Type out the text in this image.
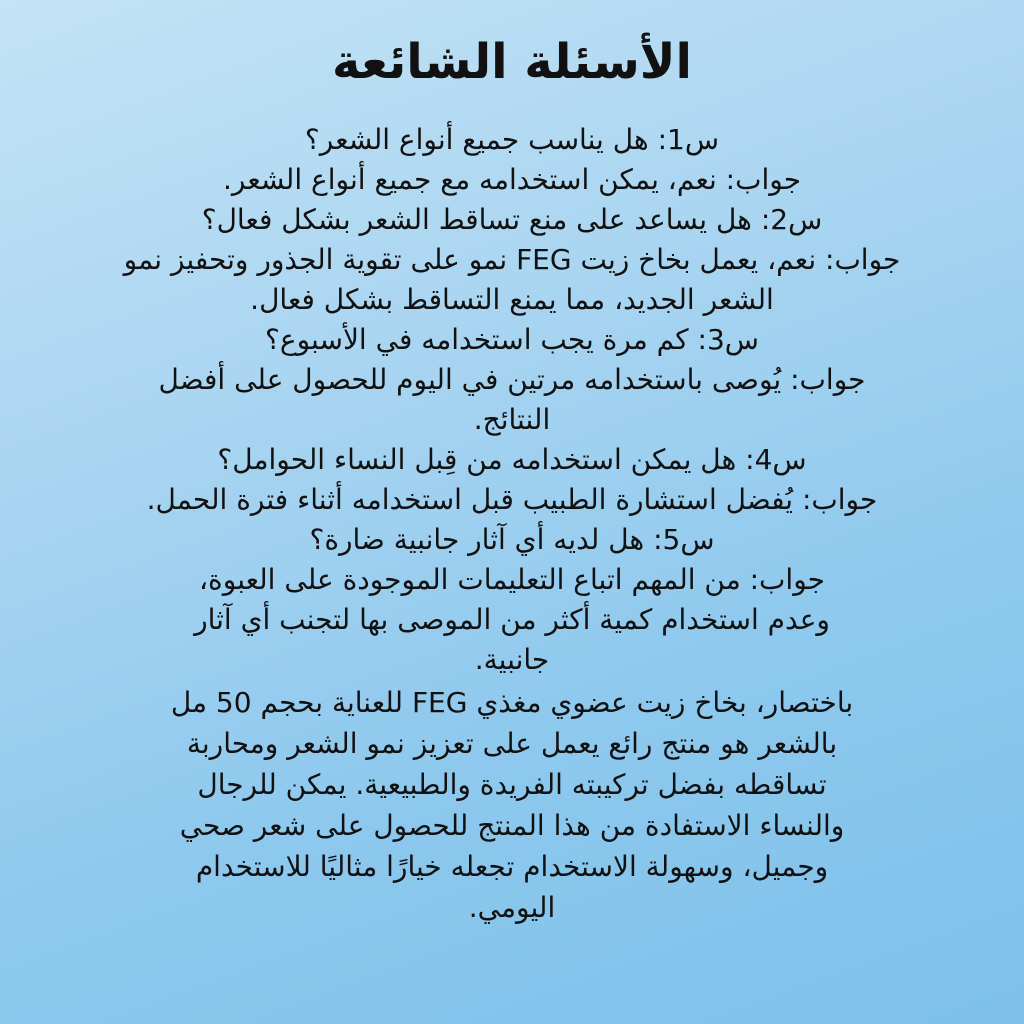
الأسئلة الشائعة
س1: هل يناسب جميع أنواع الشعر؟
جواب: نعم، يمكن استخدامه مع جميع أنواع الشعر.
س2: هل يساعد على منع تساقط الشعر بشكل فعال؟
جواب: نعم، يعمل بخاخ زيت FEG نمو على تقوية الجذور وتحفيز نمو
الشعر الجديد، مما يمنع التساقط بشكل فعال.
س3: كم مرة يجب استخدامه في الأسبوع؟
جواب: يُوصى باستخدامه مرتين في اليوم للحصول على أفضل
النتائج.
س4: هل يمكن استخدامه من قِبل النساء الحوامل؟
جواب: يُفضل استشارة الطبيب قبل استخدامه أثناء فترة الحمل.
س5: هل لديه أي آثار جانبية ضارة؟
جواب: من المهم اتباع التعليمات الموجودة على العبوة،
وعدم استخدام كمية أكثر من الموصى بها لتجنب أي آثار
جانبية.
باختصار، بخاخ زيت عضوي مغذي FEG للعناية بحجم 50 مل
بالشعر هو منتج رائع يعمل على تعزيز نمو الشعر ومحاربة
تساقطه بفضل تركيبته الفريدة والطبيعية. يمكن للرجال
والنساء الاستفادة من هذا المنتج للحصول على شعر صحي
وجميل، وسهولة الاستخدام تجعله خيارًا مثاليًا للاستخدام
اليومي.
